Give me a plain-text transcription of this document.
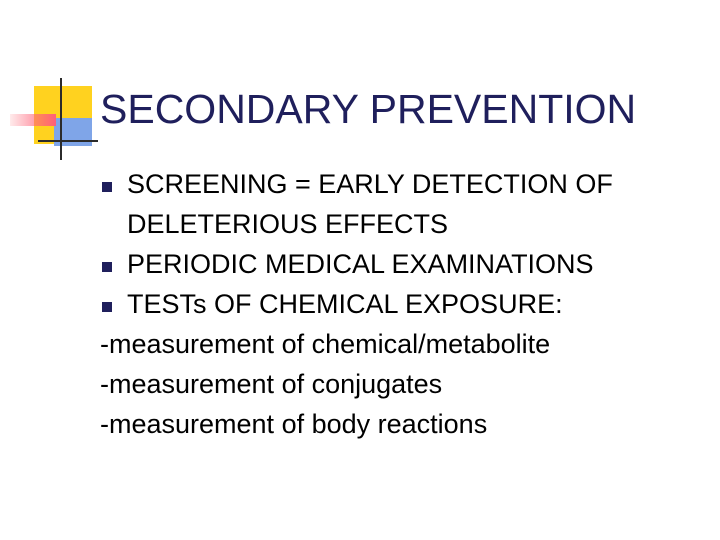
SECONDARY PREVENTION
SCREENING = EARLY DETECTION OF
DELETERIOUS EFFECTS
PERIODIC MEDICAL EXAMINATIONS
TESTs OF CHEMICAL EXPOSURE:
-measurement of chemical/metabolite
-measurement of conjugates
-measurement of body reactions
